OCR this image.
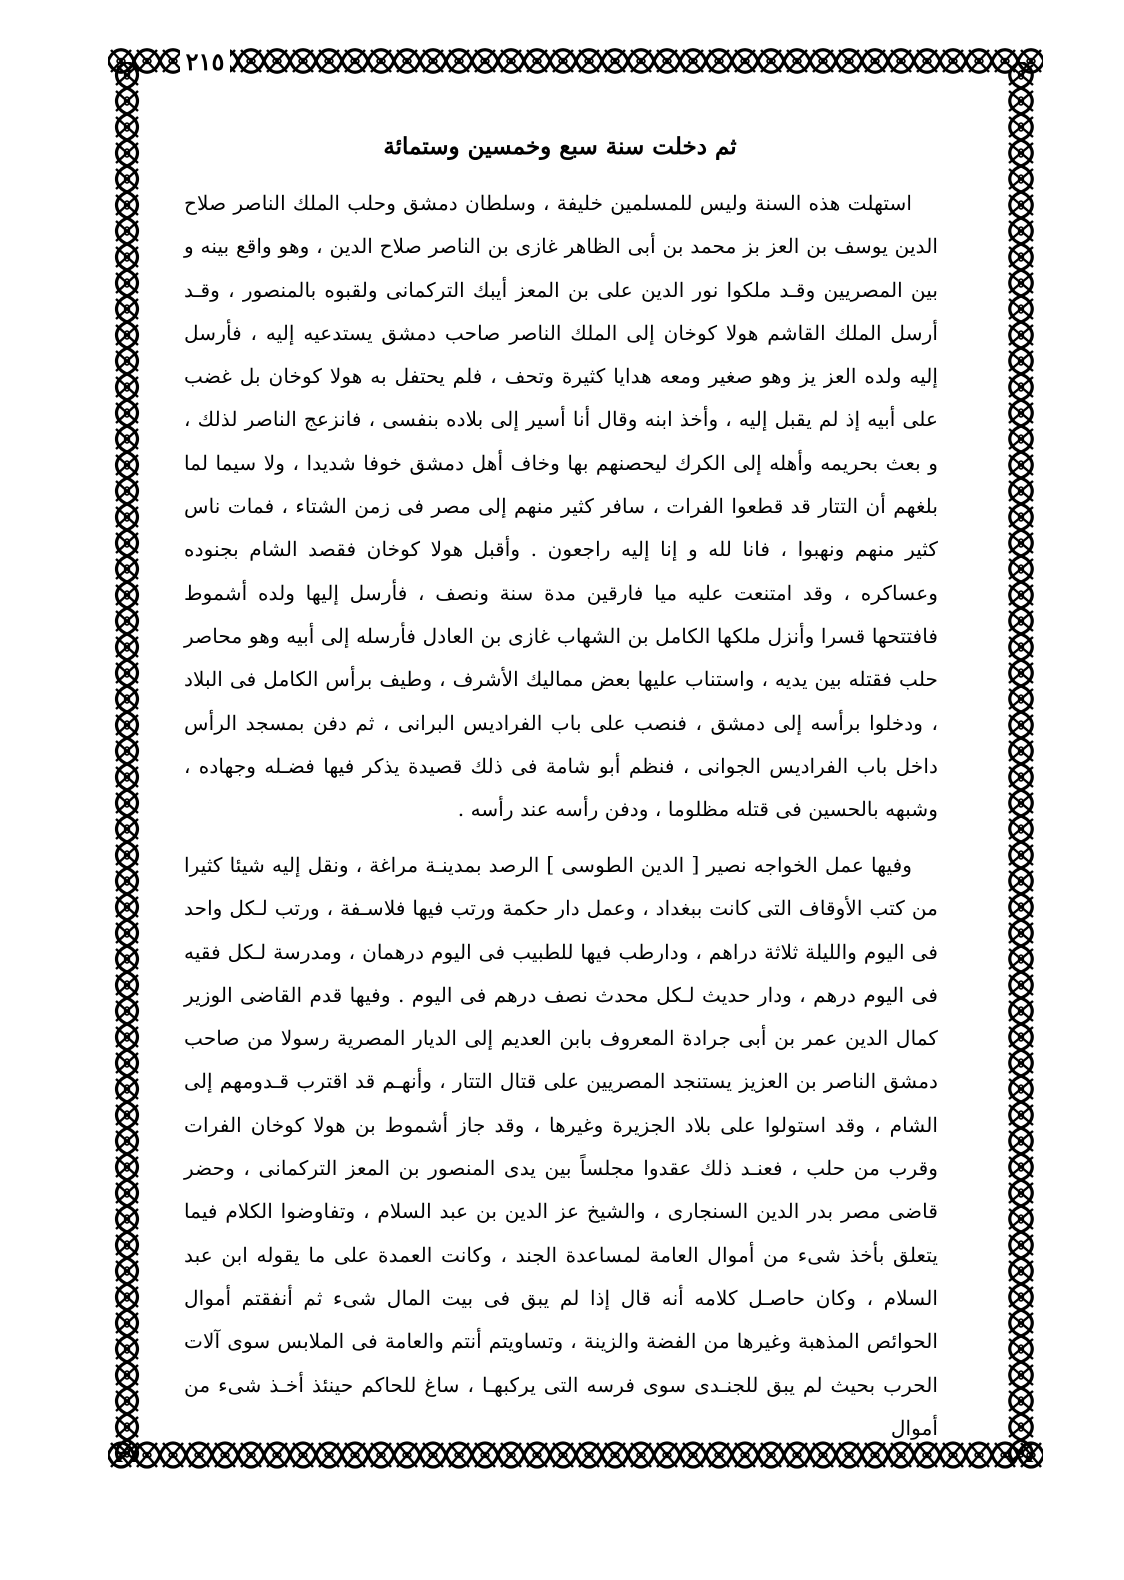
٢١٥
ثم دخلت سنة سبع وخمسين وستمائة

استهلت هذه السنة وليس للمسلمين خليفة ، وسلطان دمشق وحلب الملك الناصر صلاح الدين يوسف بن العز بز محمد بن أبى الظاهر غازى بن الناصر صلاح الدين ، وهو واقع بينه و بين المصريين وقـد ملكوا نور الدين على بن المعز أيبك التركمانى ولقبوه بالمنصور ، وقـد أرسل الملك القاشم هولا كوخان إلى الملك الناصر صاحب دمشق يستدعيه إليه ، فأرسل إليه ولده العز يز وهو صغير ومعه هدايا كثيرة وتحف ، فلم يحتفل به هولا كوخان بل غضب على أبيه إذ لم يقبل إليه ، وأخذ ابنه وقال أنا أسير إلى بلاده بنفسى ، فانزعج الناصر لذلك ، و بعث بحريمه وأهله إلى الكرك ليحصنهم بها وخاف أهل دمشق خوفا شديدا ، ولا سيما لما بلغهم أن التتار قد قطعوا الفرات ، سافر كثير منهم إلى مصر فى زمن الشتاء ، فمات ناس كثير منهم ونهبوا ، فانا لله و إنا إليه راجعون . وأقبل هولا كوخان فقصد الشام بجنوده وعساكره ، وقد امتنعت عليه ميا فارقين مدة سنة ونصف ، فأرسل إليها ولده أشموط فافتتحها قسرا وأنزل ملكها الكامل بن الشهاب غازى بن العادل فأرسله إلى أبيه وهو محاصر حلب فقتله بين يديه ، واستناب عليها بعض مماليك الأشرف ، وطيف برأس الكامل فى البلاد ، ودخلوا برأسه إلى دمشق ، فنصب على باب الفراديس البرانى ، ثم دفن بمسجد الرأس داخل باب الفراديس الجوانى ، فنظم أبو شامة فى ذلك قصيدة يذكر فيها فضـله وجهاده ، وشبهه بالحسين فى قتله مظلوما ، ودفن رأسه عند رأسه .

وفيها عمل الخواجه نصير [ الدين الطوسى ] الرصد بمدينـة مراغة ، ونقل إليه شيئا كثيرا من كتب الأوقاف التى كانت ببغداد ، وعمل دار حكمة ورتب فيها فلاسـفة ، ورتب لـكل واحد فى اليوم والليلة ثلاثة دراهم ، ودارطب فيها للطبيب فى اليوم درهمان ، ومدرسة لـكل فقيه فى اليوم درهم ، ودار حديث لـكل محدث نصف درهم فى اليوم . وفيها قدم القاضى الوزير كمال الدين عمر بن أبى جرادة المعروف بابن العديم إلى الديار المصرية رسولا من صاحب دمشق الناصر بن العزيز يستنجد المصريين على قتال التتار ، وأنهـم قد اقترب قـدومهم إلى الشام ، وقد استولوا على بلاد الجزيرة وغيرها ، وقد جاز أشموط بن هولا كوخان الفرات وقرب من حلب ، فعنـد ذلك عقدوا مجلساً بين يدى المنصور بن المعز التركمانى ، وحضر قاضى مصر بدر الدين السنجارى ، والشيخ عز الدين بن عبد السلام ، وتفاوضوا الكلام فيما يتعلق بأخذ شىء من أموال العامة لمساعدة الجند ، وكانت العمدة على ما يقوله ابن عبد السلام ، وكان حاصـل كلامه أنه قال إذا لم يبق فى بيت المال شىء ثم أنفقتم أموال الحوائص المذهبة وغيرها من الفضة والزينة ، وتساويتم أنتم والعامة فى الملابس سوى آلات الحرب بحيث لم يبق للجنـدى سوى فرسه التى يركبهـا ، ساغ للحاكم حينئذ أخـذ شىء من أموال
